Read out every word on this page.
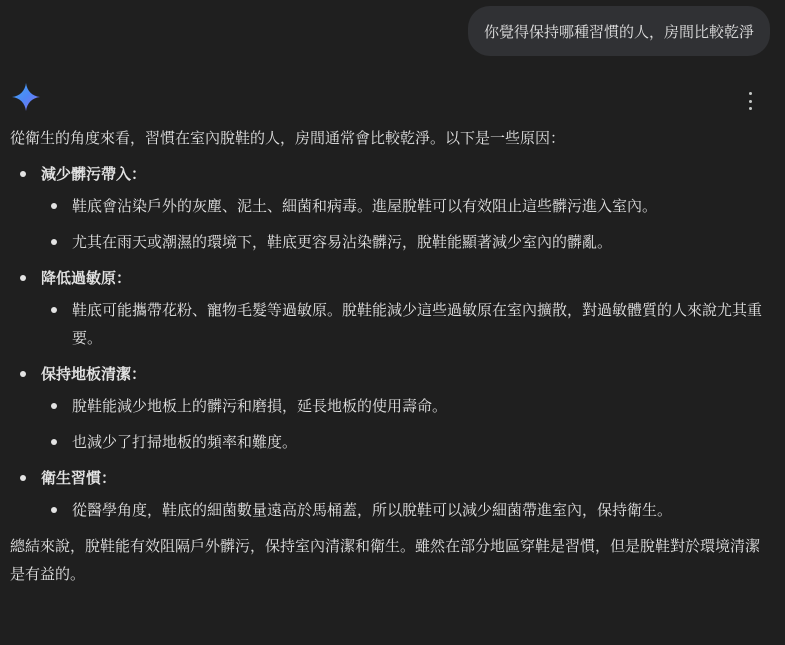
你覺得保持哪種習慣的人，房間比較乾淨

從衛生的角度來看，習慣在室內脫鞋的人，房間通常會比較乾淨。以下是一些原因：

減少髒污帶入：
鞋底會沾染戶外的灰塵、泥土、細菌和病毒。進屋脫鞋可以有效阻止這些髒污進入室內。
尤其在雨天或潮濕的環境下，鞋底更容易沾染髒污，脫鞋能顯著減少室內的髒亂。
降低過敏原：
鞋底可能攜帶花粉、寵物毛髮等過敏原。脫鞋能減少這些過敏原在室內擴散，對過敏體質的人來說尤其重要。
保持地板清潔：
脫鞋能減少地板上的髒污和磨損，延長地板的使用壽命。
也減少了打掃地板的頻率和難度。
衛生習慣：
從醫學角度，鞋底的細菌數量遠高於馬桶蓋，所以脫鞋可以減少細菌帶進室內，保持衛生。

總結來說，脫鞋能有效阻隔戶外髒污，保持室內清潔和衛生。雖然在部分地區穿鞋是習慣，但是脫鞋對於環境清潔是有益的。
